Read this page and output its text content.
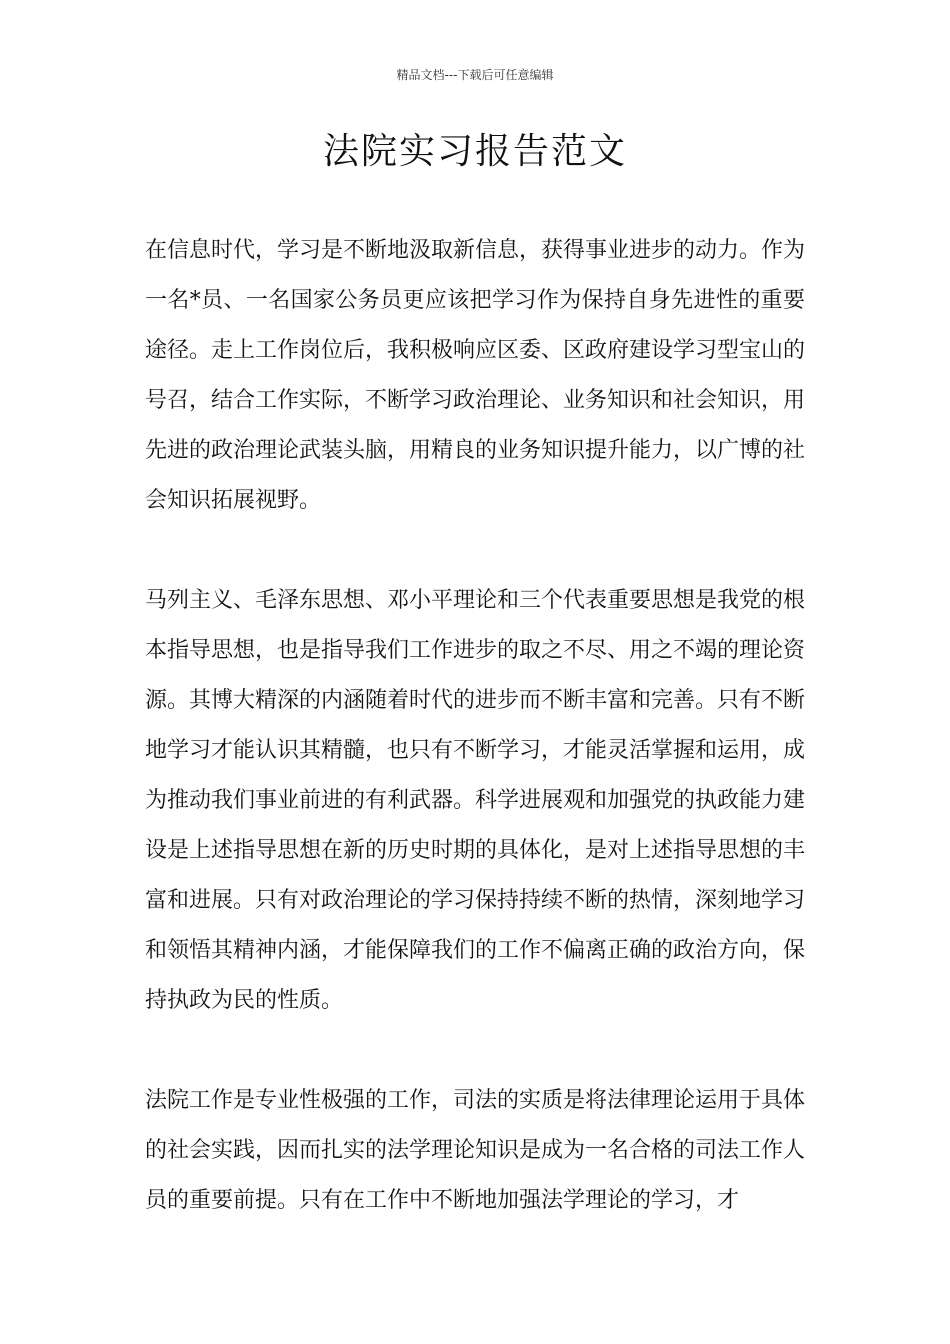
精品文档---下载后可任意编辑
法院实习报告范文

在信息时代，学习是不断地汲取新信息，获得事业进步的动力。作为一名*员、一名国家公务员更应该把学习作为保持自身先进性的重要途径。走上工作岗位后，我积极响应区委、区政府建设学习型宝山的号召，结合工作实际，不断学习政治理论、业务知识和社会知识，用先进的政治理论武装头脑，用精良的业务知识提升能力，以广博的社会知识拓展视野。

马列主义、毛泽东思想、邓小平理论和三个代表重要思想是我党的根本指导思想，也是指导我们工作进步的取之不尽、用之不竭的理论资源。其博大精深的内涵随着时代的进步而不断丰富和完善。只有不断地学习才能认识其精髓，也只有不断学习，才能灵活掌握和运用，成为推动我们事业前进的有利武器。科学进展观和加强党的执政能力建设是上述指导思想在新的历史时期的具体化，是对上述指导思想的丰富和进展。只有对政治理论的学习保持持续不断的热情，深刻地学习和领悟其精神内涵，才能保障我们的工作不偏离正确的政治方向，保持执政为民的性质。

法院工作是专业性极强的工作，司法的实质是将法律理论运用于具体的社会实践，因而扎实的法学理论知识是成为一名合格的司法工作人员的重要前提。只有在工作中不断地加强法学理论的学习，才
